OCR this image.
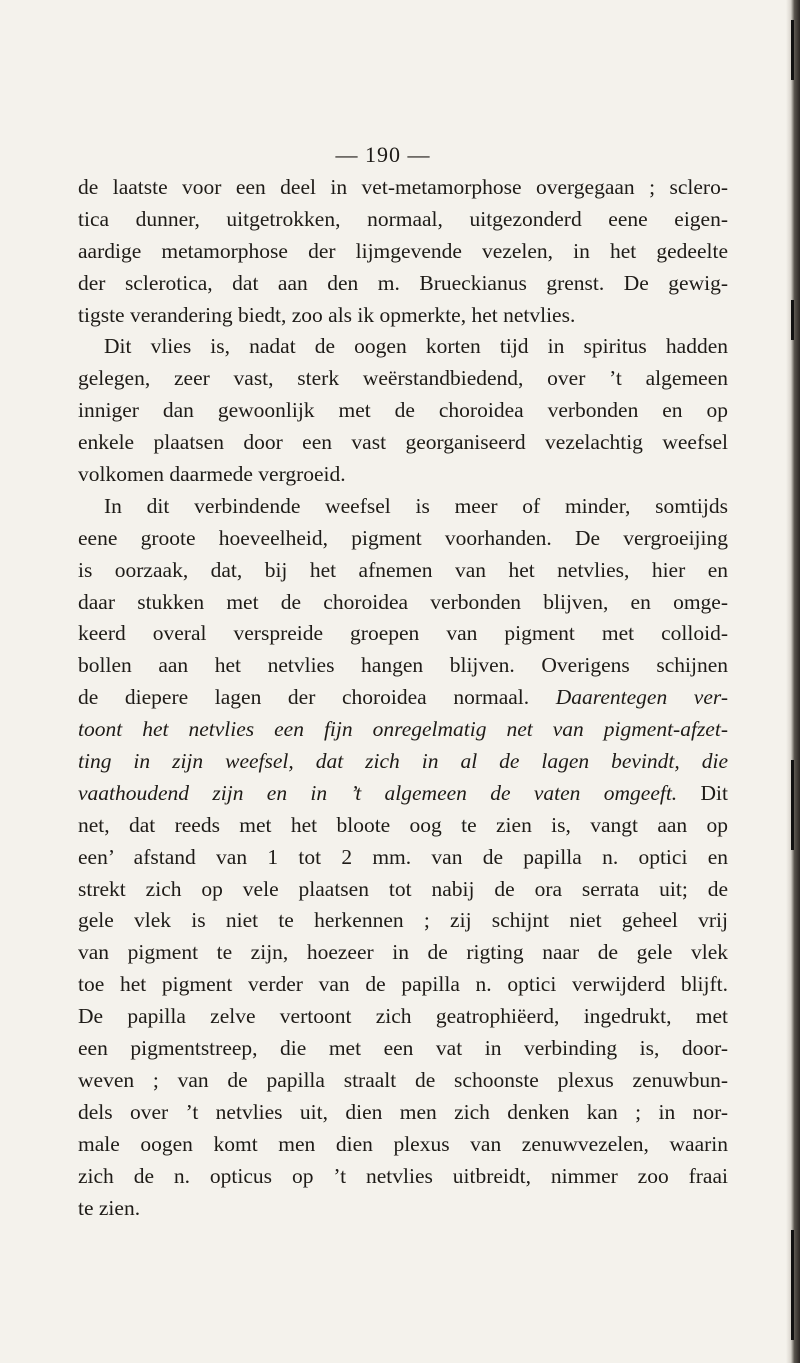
— 190 —
de laatste voor een deel in vet-metamorphose overgegaan ; sclero-
tica dunner, uitgetrokken, normaal, uitgezonderd eene eigen-
aardige metamorphose der lijmgevende vezelen, in het gedeelte
der sclerotica, dat aan den m. Brueckianus grenst. De gewig-
tigste verandering biedt, zoo als ik opmerkte, het netvlies.
Dit vlies is, nadat de oogen korten tijd in spiritus hadden
gelegen, zeer vast, sterk weërstandbiedend, over ’t algemeen
inniger dan gewoonlijk met de choroidea verbonden en op
enkele plaatsen door een vast georganiseerd vezelachtig weefsel
volkomen daarmede vergroeid.
In dit verbindende weefsel is meer of minder, somtijds
eene groote hoeveelheid, pigment voorhanden. De vergroeijing
is oorzaak, dat, bij het afnemen van het netvlies, hier en
daar stukken met de choroidea verbonden blijven, en omge-
keerd overal verspreide groepen van pigment met colloid-
bollen aan het netvlies hangen blijven. Overigens schijnen
de diepere lagen der choroidea normaal. Daarentegen ver-
toont het netvlies een fijn onregelmatig net van pigment-afzet-
ting in zijn weefsel, dat zich in al de lagen bevindt, die
vaathoudend zijn en in ’t algemeen de vaten omgeeft. Dit
net, dat reeds met het bloote oog te zien is, vangt aan op
een’ afstand van 1 tot 2 mm. van de papilla n. optici en
strekt zich op vele plaatsen tot nabij de ora serrata uit; de
gele vlek is niet te herkennen ; zij schijnt niet geheel vrij
van pigment te zijn, hoezeer in de rigting naar de gele vlek
toe het pigment verder van de papilla n. optici verwijderd blijft.
De papilla zelve vertoont zich geatrophiëerd, ingedrukt, met
een pigmentstreep, die met een vat in verbinding is, door-
weven ; van de papilla straalt de schoonste plexus zenuwbun-
dels over ’t netvlies uit, dien men zich denken kan ; in nor-
male oogen komt men dien plexus van zenuwvezelen, waarin
zich de n. opticus op ’t netvlies uitbreidt, nimmer zoo fraai
te zien.
